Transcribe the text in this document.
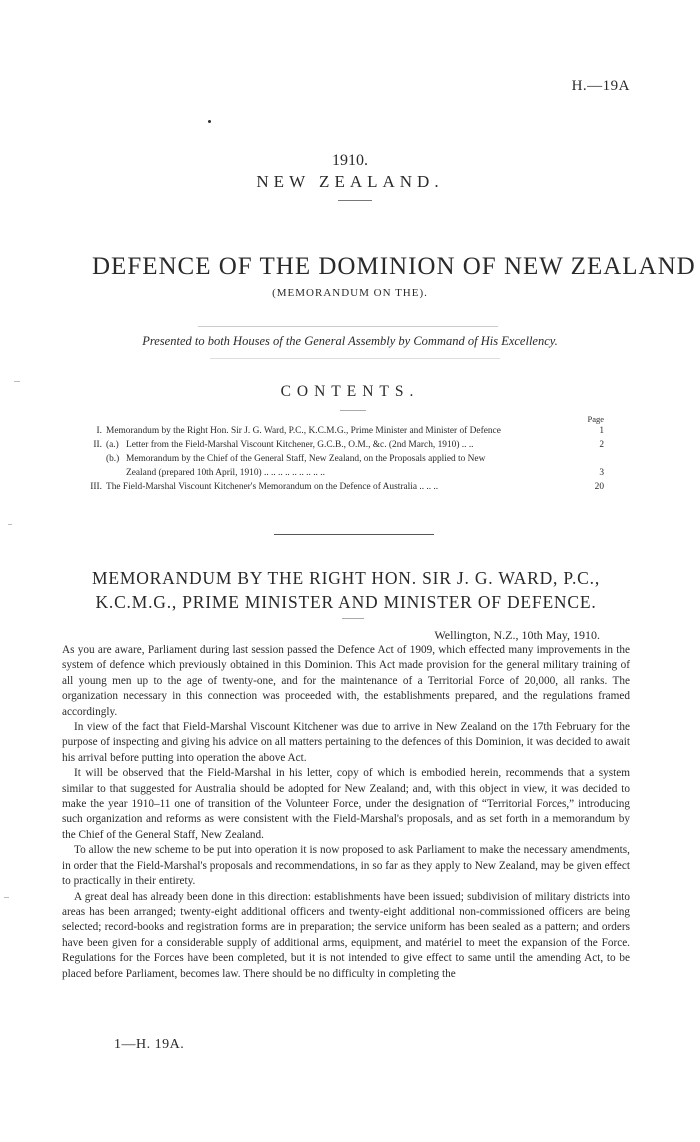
H.—19A
1910.
NEW ZEALAND.
DEFENCE OF THE DOMINION OF NEW ZEALAND
(MEMORANDUM ON THE).
Presented to both Houses of the General Assembly by Command of His Excellency.
CONTENTS.
Page
I. Memorandum by the Right Hon. Sir J. G. Ward, P.C., K.C.M.G., Prime Minister and Minister of Defence	1
II. (a.) Letter from the Field-Marshal Viscount Kitchener, G.C.B., O.M., &c. (2nd March, 1910) .. ..	2
(b.) Memorandum by the Chief of the General Staff, New Zealand, on the Proposals applied to New
Zealand (prepared 10th April, 1910) .. .. .. .. .. .. .. .. ..	3
III. The Field-Marshal Viscount Kitchener's Memorandum on the Defence of Australia .. .. ..	20
MEMORANDUM BY THE RIGHT HON. SIR J. G. WARD, P.C.,
K.C.M.G., PRIME MINISTER AND MINISTER OF DEFENCE.
Wellington, N.Z., 10th May, 1910.

As you are aware, Parliament during last session passed the Defence Act of 1909, which effected many improvements in the system of defence which previously obtained in this Dominion. This Act made provision for the general military training of all young men up to the age of twenty-one, and for the maintenance of a Territorial Force of 20,000, all ranks. The organization necessary in this connection was proceeded with, the establishments prepared, and the regulations framed accordingly.

In view of the fact that Field-Marshal Viscount Kitchener was due to arrive in New Zealand on the 17th February for the purpose of inspecting and giving his advice on all matters pertaining to the defences of this Dominion, it was decided to await his arrival before putting into operation the above Act.

It will be observed that the Field-Marshal in his letter, copy of which is embodied herein, recommends that a system similar to that suggested for Australia should be adopted for New Zealand; and, with this object in view, it was decided to make the year 1910–11 one of transition of the Volunteer Force, under the designation of “Territorial Forces,” introducing such organization and reforms as were consistent with the Field-Marshal's proposals, and as set forth in a memorandum by the Chief of the General Staff, New Zealand.

To allow the new scheme to be put into operation it is now proposed to ask Parliament to make the necessary amendments, in order that the Field-Marshal's proposals and recommendations, in so far as they apply to New Zealand, may be given effect to practically in their entirety.

A great deal has already been done in this direction: establishments have been issued; subdivision of military districts into areas has been arranged; twenty-eight additional officers and twenty-eight additional non-commissioned officers are being selected; record-books and registration forms are in preparation; the service uniform has been sealed as a pattern; and orders have been given for a considerable supply of additional arms, equipment, and matériel to meet the expansion of the Force. Regulations for the Forces have been completed, but it is not intended to give effect to same until the amending Act, to be placed before Parliament, becomes law. There should be no difficulty in completing the

1—H. 19A.
